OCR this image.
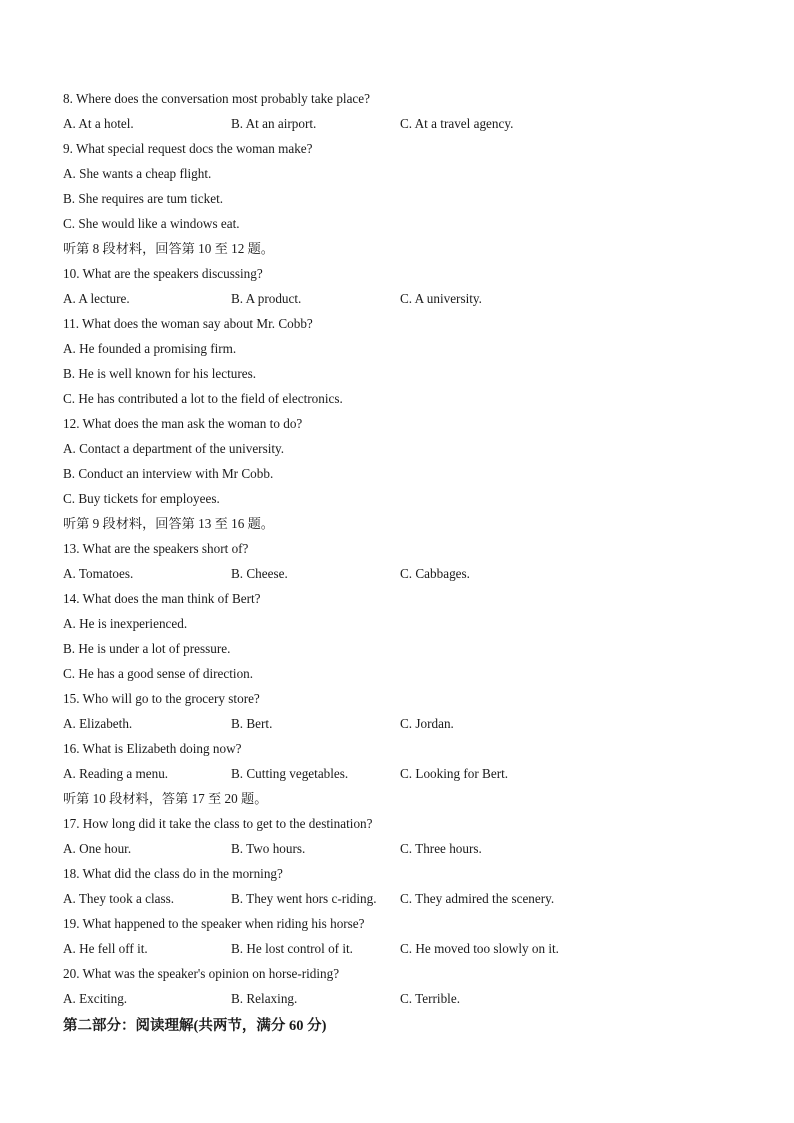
8. Where does the conversation most probably take place?
A. At a hotel.	B. At an airport.	C. At a travel agency.
9. What special request docs the woman make?
A. She wants a cheap flight.
B. She requires are tum ticket.
C. She would like a windows eat.
听第 8 段材料，回答第 10 至 12 题。
10. What are the speakers discussing?
A. A lecture.	B. A product.	C. A university.
11. What does the woman say about Mr. Cobb?
A. He founded a promising firm.
B. He is well known for his lectures.
C. He has contributed a lot to the field of electronics.
12. What does the man ask the woman to do?
A. Contact a department of the university.
B. Conduct an interview with Mr Cobb.
C. Buy tickets for employees.
听第 9 段材料，回答第 13 至 16 题。
13. What are the speakers short of?
A. Tomatoes.	B. Cheese.	C. Cabbages.
14. What does the man think of Bert?
A. He is inexperienced.
B. He is under a lot of pressure.
C. He has a good sense of direction.
15. Who will go to the grocery store?
A. Elizabeth.	B. Bert.	C. Jordan.
16. What is Elizabeth doing now?
A. Reading a menu.	B. Cutting vegetables.	C. Looking for Bert.
听第 10 段材料，答第 17 至 20 题。
17. How long did it take the class to get to the destination?
A. One hour.	B. Two hours.	C. Three hours.
18. What did the class do in the morning?
A. They took a class.	B. They went hors c-riding. C. They admired the scenery.
19. What happened to the speaker when riding his horse?
A. He fell off it.	B. He lost control of it.	C. He moved too slowly on it.
20. What was the speaker's opinion on horse-riding?
A. Exciting.	B. Relaxing.	C. Terrible.
第二部分：阅读理解(共两节，满分 60 分)
